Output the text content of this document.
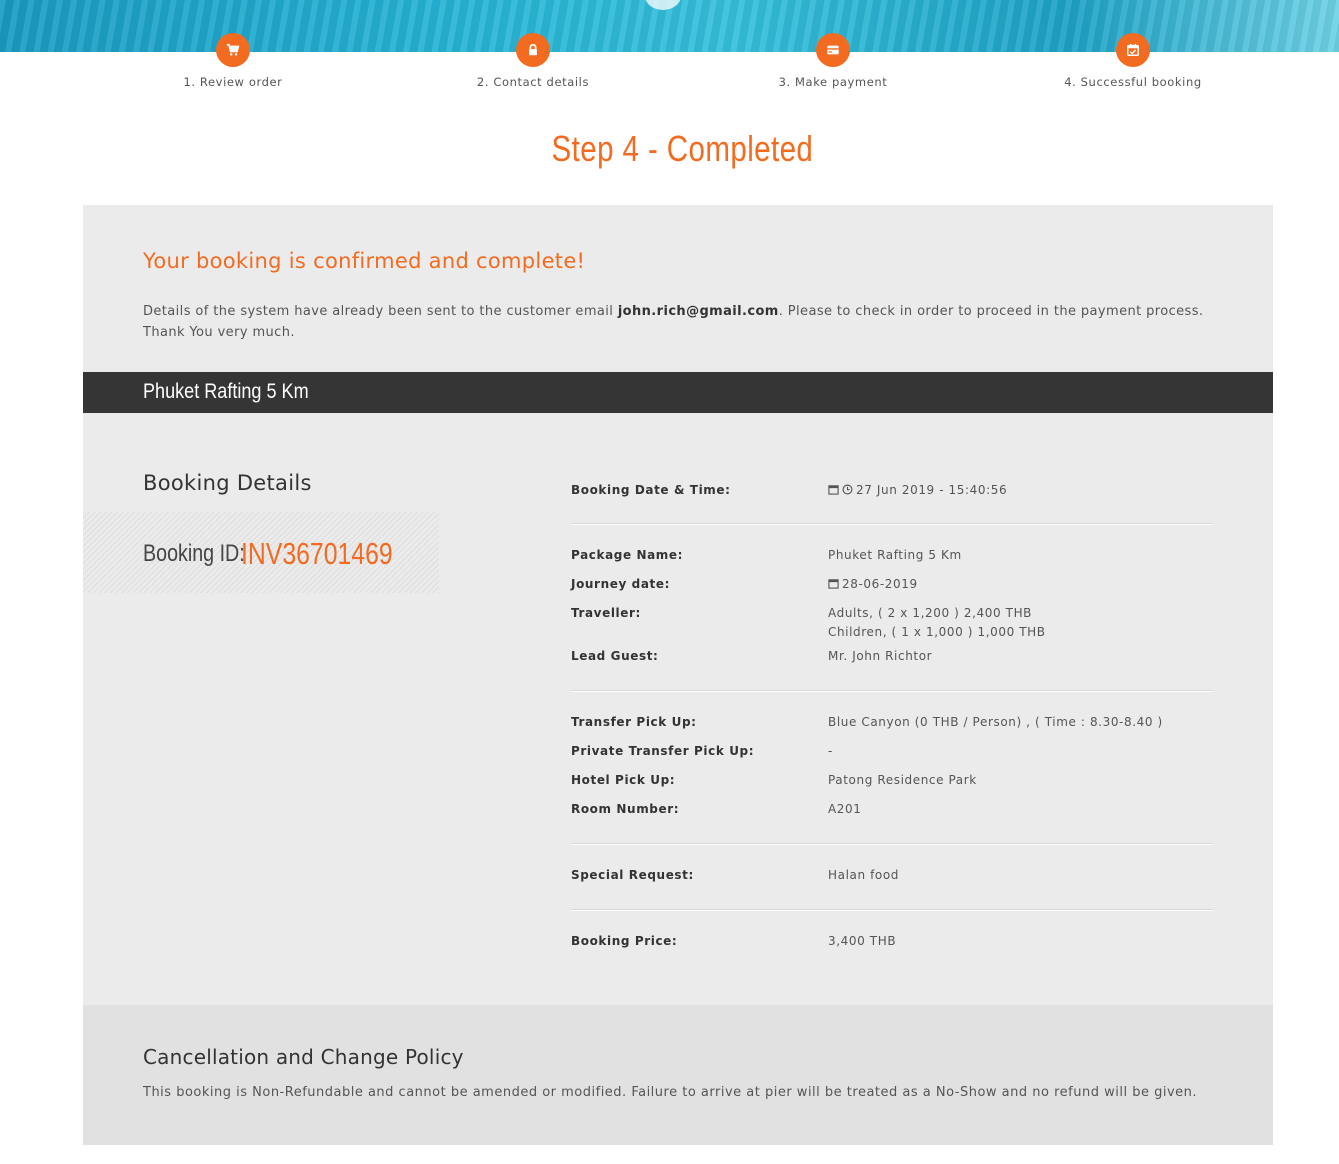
1. Review order	2. Contact details	3. Make payment	4. Successful booking
Step 4 - Completed
Your booking is confirmed and complete!
Details of the system have already been sent to the customer email john.rich@gmail.com. Please to check in order to proceed in the payment process. Thank You very much.
Phuket Rafting 5 Km
Booking Details
Booking ID:
INV36701469
Booking Date & Time:	27 Jun 2019 - 15:40:56
Package Name:	Phuket Rafting 5 Km
Journey date:	28-06-2019
Traveller:	Adults, ( 2 x 1,200 ) 2,400 THB
Children, ( 1 x 1,000 ) 1,000 THB
Lead Guest:	Mr. John Richtor
Transfer Pick Up:	Blue Canyon (0 THB / Person) , ( Time : 8.30-8.40 )
Private Transfer Pick Up:	-
Hotel Pick Up:	Patong Residence Park
Room Number:	A201
Special Request:	Halan food
Booking Price:	3,400 THB
Cancellation and Change Policy
This booking is Non-Refundable and cannot be amended or modified. Failure to arrive at pier will be treated as a No-Show and no refund will be given.
